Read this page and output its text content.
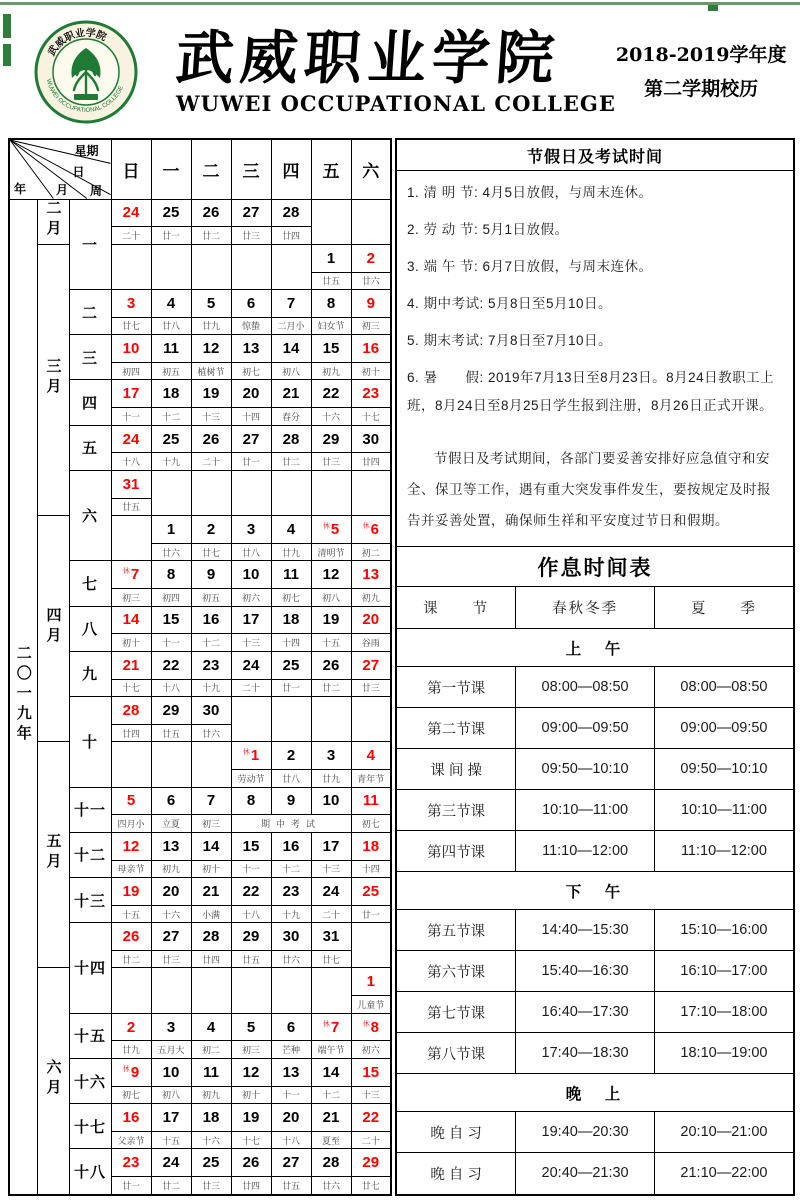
武威职业学院
WUWEI OCCUPATIONAL COLLEGE 武威职业学院
WUWEI OCCUPATIONAL COLLEGE
2018-2019学年度
第二学期校历
星期
日
年 月 周			日	一	二	三	四	五	六
二〇一九年	二月	一	24	25	26	27	28		
			二十	廿一	廿二	廿三	廿四		
	三月							1	2
								廿五	廿六
		二	3	4	5	6	7	8	9
			廿七	廿八	廿九	惊蛰	二月小	妇女节	初三
		三	10	11	12	13	14	15	16
			初四	初五	植树节	初七	初八	初九	初十
		四	17	18	19	20	21	22	23
			十一	十二	十三	十四	春分	十六	十七
		五	24	25	26	27	28	29	30
			十八	十九	二十	廿一	廿二	廿三	廿四
		六	31						
			廿五						
	四月			1	2	3	4	$^休$5	$^休$6
				廿六	廿七	廿八	廿九	清明节	初二
		七	$^休$7	8	9	10	11	12	13
			初三	初四	初五	初六	初七	初八	初九
		八	14	15	16	17	18	19	20
			初十	十一	十二	十三	十四	十五	谷雨
		九	21	22	23	24	25	26	27
			十七	十八	十九	二十	廿一	廿二	廿三
		十	28	29	30				
			廿四	廿五	廿六				
	五月					$^休$1	2	3	4
						劳动节	廿八	廿九	青年节
		十一	5	6	7	8	9	10	11
			四月小	立夏	初三	期中考试			初七
		十二	12	13	14	15	16	17	18
			母亲节	初九	初十	十一	十二	十三	十四
		十三	19	20	21	22	23	24	25
			十五	十六	小满	十八	十九	二十	廿一
		十四	26	27	28	29	30	31	
			廿二	廿三	廿四	廿五	廿六	廿七	
	六月								1
									儿童节
		十五	2	3	4	5	6	$^休$7	$^休$8
			廿九	五月大	初二	初三	芒种	端午节	初六
		十六	$^休$9	10	11	12	13	14	15
			初七	初八	初九	初十	十一	十二	十三
		十七	16	17	18	19	20	21	22
			父亲节	十五	十六	十七	十八	夏至	二十
		十八	23	24	25	26	27	28	29
			廿一	廿二	廿三	廿四	廿五	廿六	廿七
节假日及考试时间
1. 清 明 节: 4月5日放假，与周末连休。
2. 劳 动 节: 5月1日放假。
3. 端 午 节: 6月7日放假，与周末连休。
4. 期中考试: 5月8日至5月10日。
5. 期末考试: 7月8日至7月10日。
6. 暑　　假: 2019年7月13日至8月23日。8月24日教职工上班，8月24日至8月25日学生报到注册，8月26日正式开课。

节假日及考试期间，各部门要妥善安排好应急值守和安全、保卫等工作，遇有重大突发事件发生，要按规定及时报告并妥善处置，确保师生祥和平安度过节日和假期。

作息时间表
课　　节	春秋冬季	夏　　季
上　午		
第一节课	08:00—08:50	08:00—08:50
第二节课	09:00—09:50	09:00—09:50
课 间 操	09:50—10:10	09:50—10:10
第三节课	10:10—11:00	10:10—11:00
第四节课	11:10—12:00	11:10—12:00
下　午		
第五节课	14:40—15:30	15:10—16:00
第六节课	15:40—16:30	16:10—17:00
第七节课	16:40—17:30	17:10—18:00
第八节课	17:40—18:30	18:10—19:00
晚　上		
晚 自 习	19:40—20:30	20:10—21:00
晚 自 习	20:40—21:30	21:10—22:00
